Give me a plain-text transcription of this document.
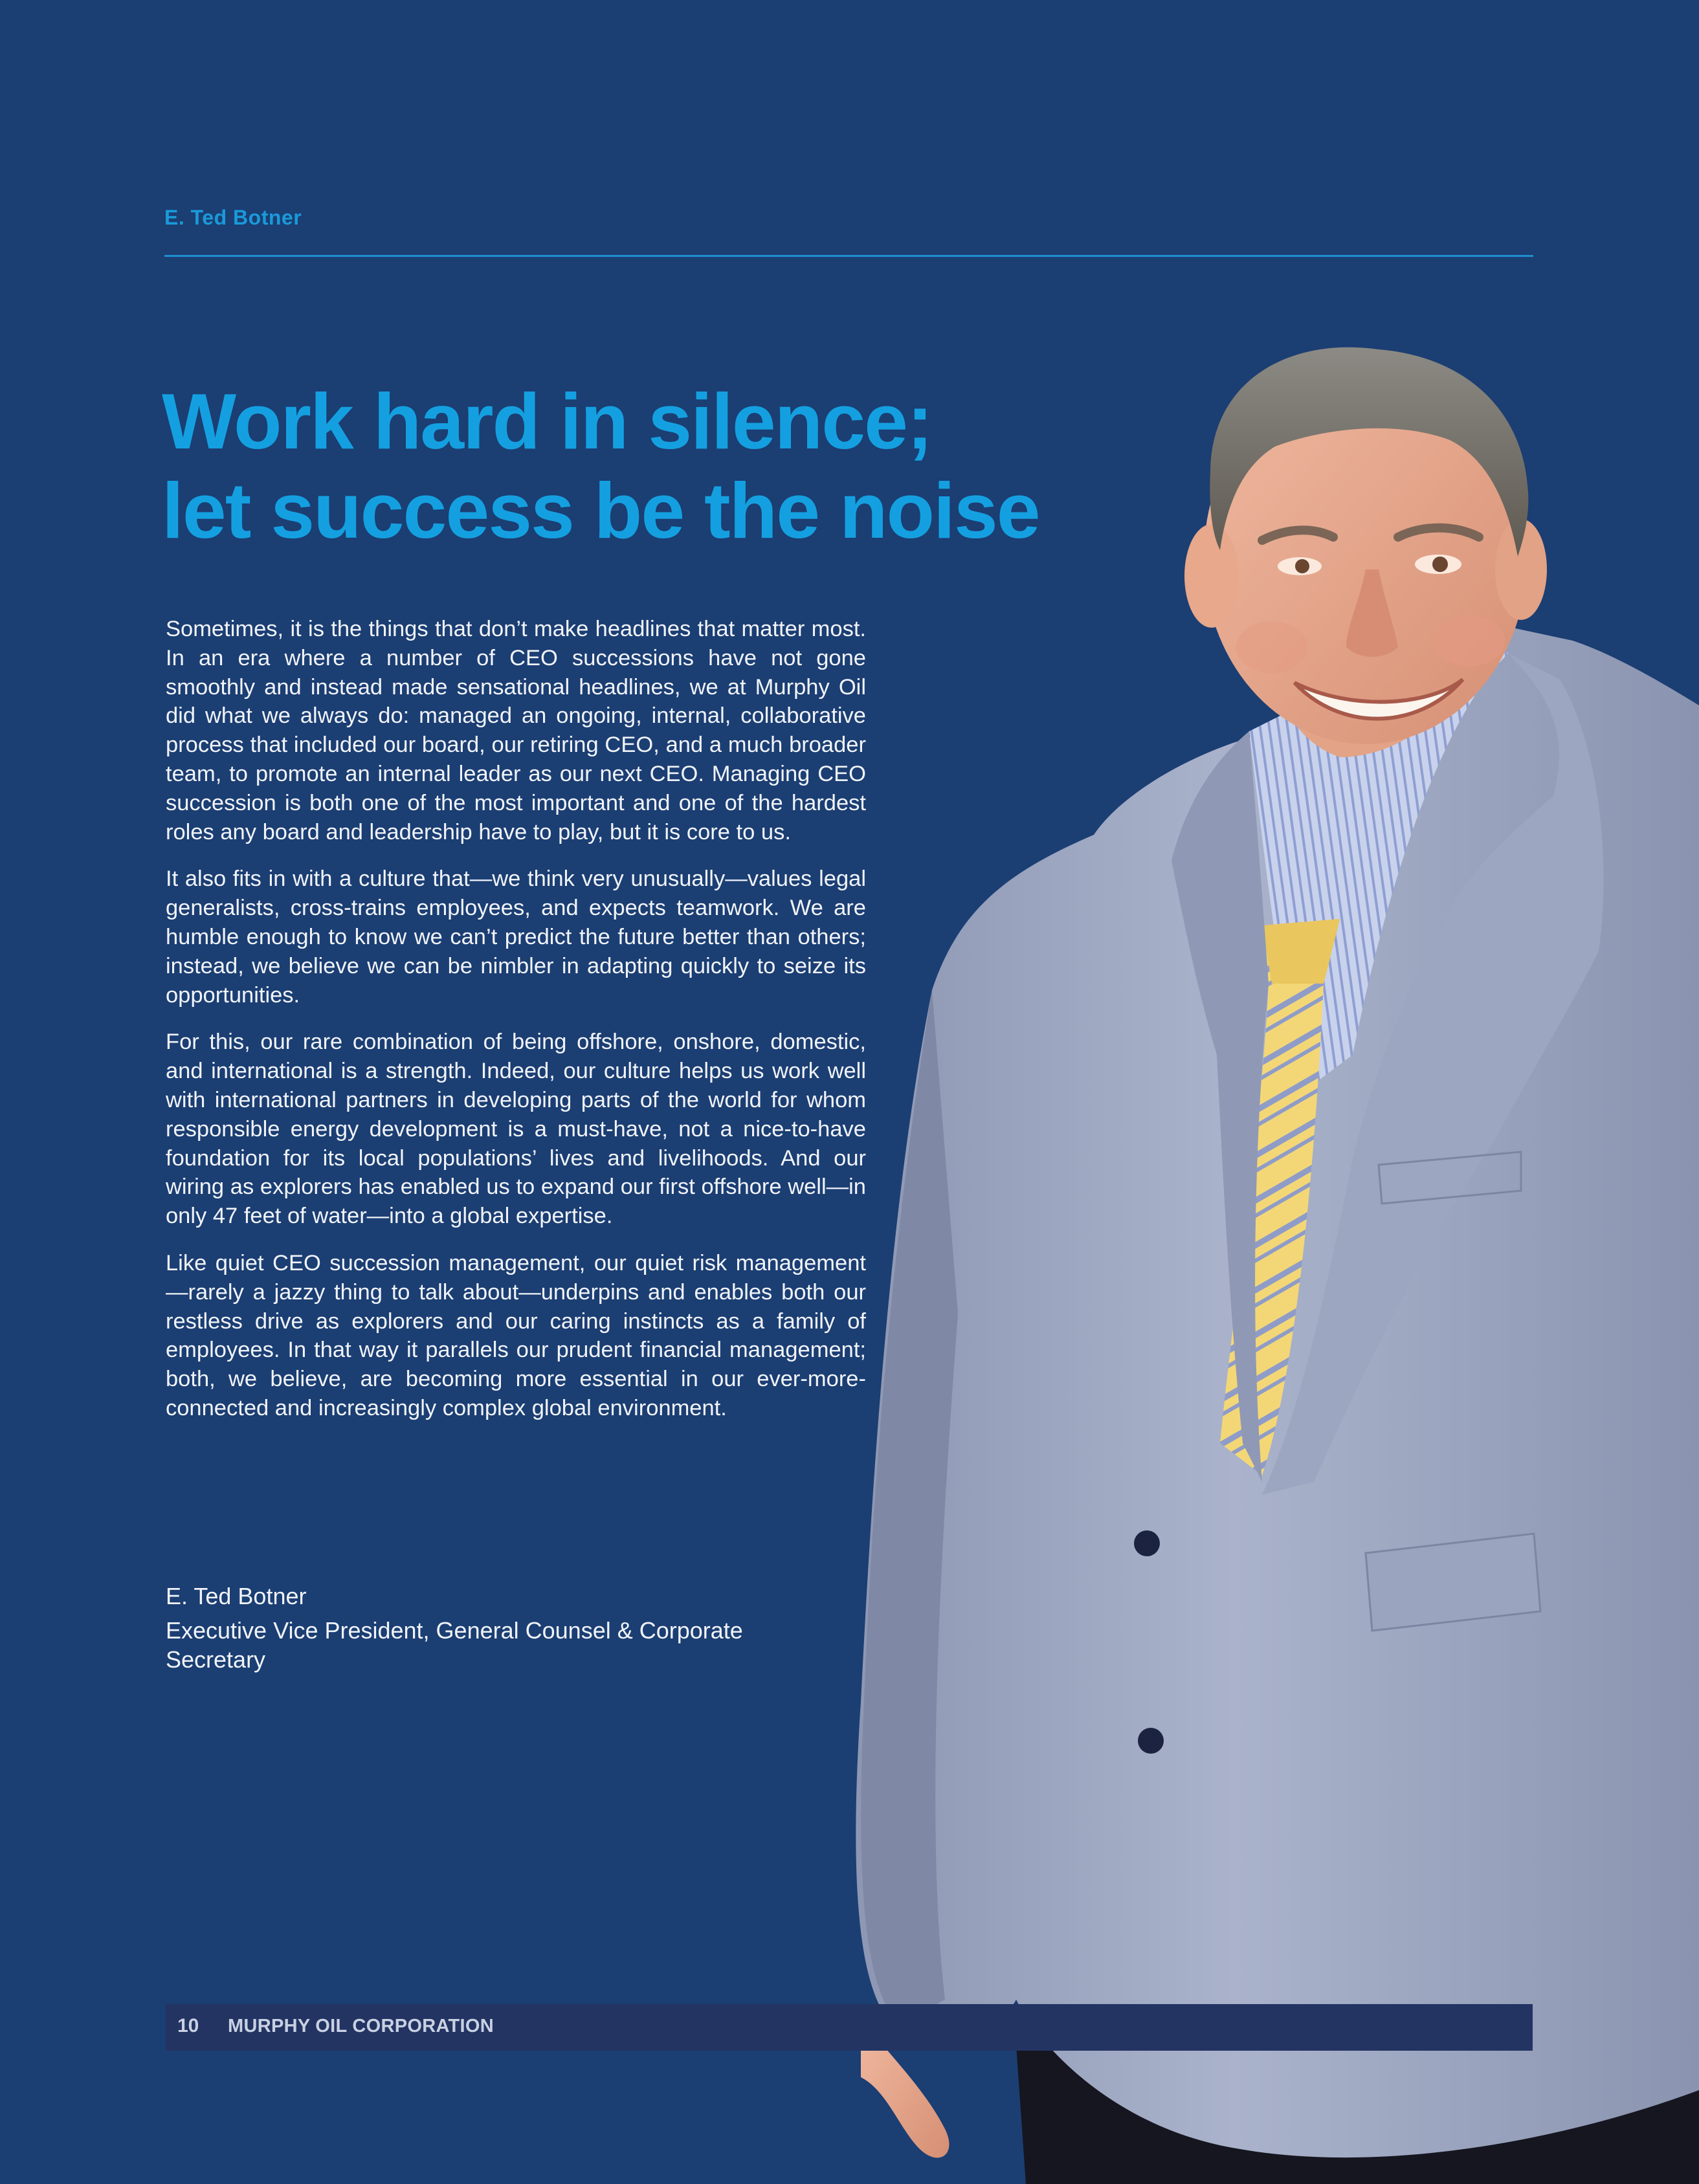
E. Ted Botner
Work hard in silence;
let success be the noise

Sometimes, it is the things that don’t make headlines that matter most. In an era where a number of CEO successions have not gone smoothly and instead made sensational headlines, we at Murphy Oil did what we always do: managed an ongoing, internal, collaborative process that included our board, our retiring CEO, and a much broader team, to promote an internal leader as our next CEO. Managing CEO succession is both one of the most important and one of the hardest roles any board and leadership have to play, but it is core to us.

It also fits in with a culture that—we think very unusually—values legal generalists, cross-trains employees, and expects teamwork. We are humble enough to know we can’t predict the future better than others; instead, we believe we can be nimbler in adapting quickly to seize its opportunities.

For this, our rare combination of being offshore, onshore, domestic, and international is a strength. Indeed, our culture helps us work well with international partners in developing parts of the world for whom responsible energy development is a must-have, not a nice-to-have foundation for its local populations’ lives and livelihoods. And our wiring as explorers has enabled us to expand our first offshore well—in only 47 feet of water—into a global expertise.

Like quiet CEO succession management, our quiet risk management—rarely a jazzy thing to talk about—underpins and enables both our restless drive as explorers and our caring instincts as a family of employees. In that way it parallels our prudent financial management; both, we believe, are becoming more essential in our ever-more-connected and increasingly complex global environment.

E. Ted Botner
Executive Vice President, General Counsel & Corporate Secretary
10 MURPHY OIL CORPORATION
